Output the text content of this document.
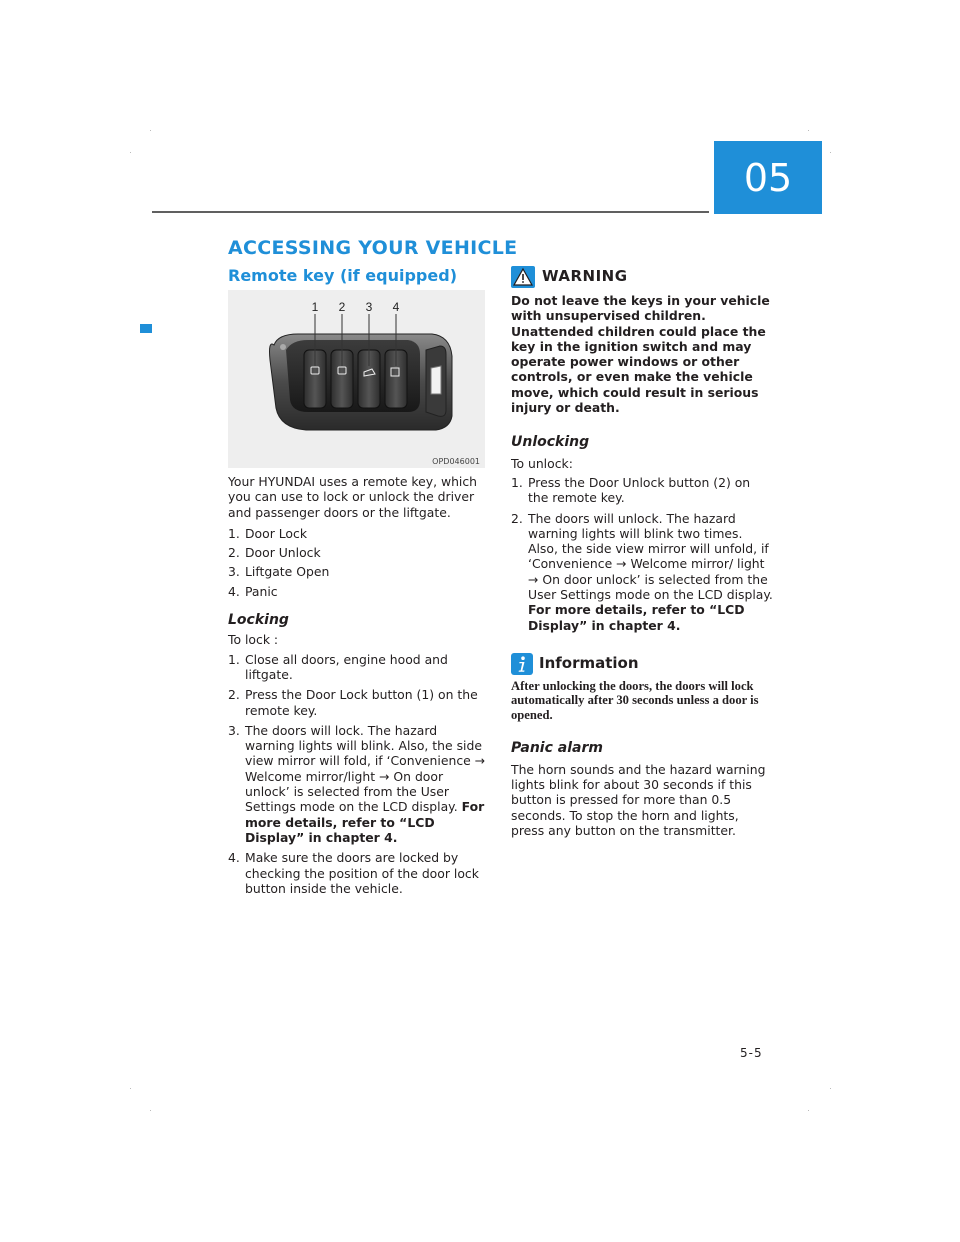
05
ACCESSING YOUR VEHICLE
Remote key (if equipped)
1 2 3 4
OPD046001

Your HYUNDAI uses a remote key, which you can use to lock or unlock the driver and passenger doors or the liftgate.

1. Door Lock
2. Door Unlock
3. Liftgate Open
4. Panic
Locking

To lock :

1. Close all doors, engine hood and liftgate.
2. Press the Door Lock button (1) on the remote key.
3. The doors will lock. The hazard warning lights will blink. Also, the side view mirror will fold, if ‘Convenience → Welcome mirror/light → On door unlock’ is selected from the User Settings mode on the LCD display. For more details, refer to “LCD Display” in chapter 4.
4. Make sure the doors are locked by checking the position of the door lock button inside the vehicle.
WARNING

Do not leave the keys in your vehicle with unsupervised children. Unattended children could place the key in the ignition switch and may operate power windows or other controls, or even make the vehicle move, which could result in serious injury or death.

Unlocking

To unlock:

1. Press the Door Unlock button (2) on the remote key.
2. The doors will unlock. The hazard warning lights will blink two times. Also, the side view mirror will unfold, if ‘Convenience → Welcome mirror/ light → On door unlock’ is selected from the User Settings mode on the LCD display. For more details, refer to “LCD Display” in chapter 4.
Information

After unlocking the doors, the doors will lock automatically after 30 seconds unless a door is opened.

Panic alarm

The horn sounds and the hazard warning lights blink for about 30 seconds if this button is pressed for more than 0.5 seconds. To stop the horn and lights, press any button on the transmitter.

5-5
